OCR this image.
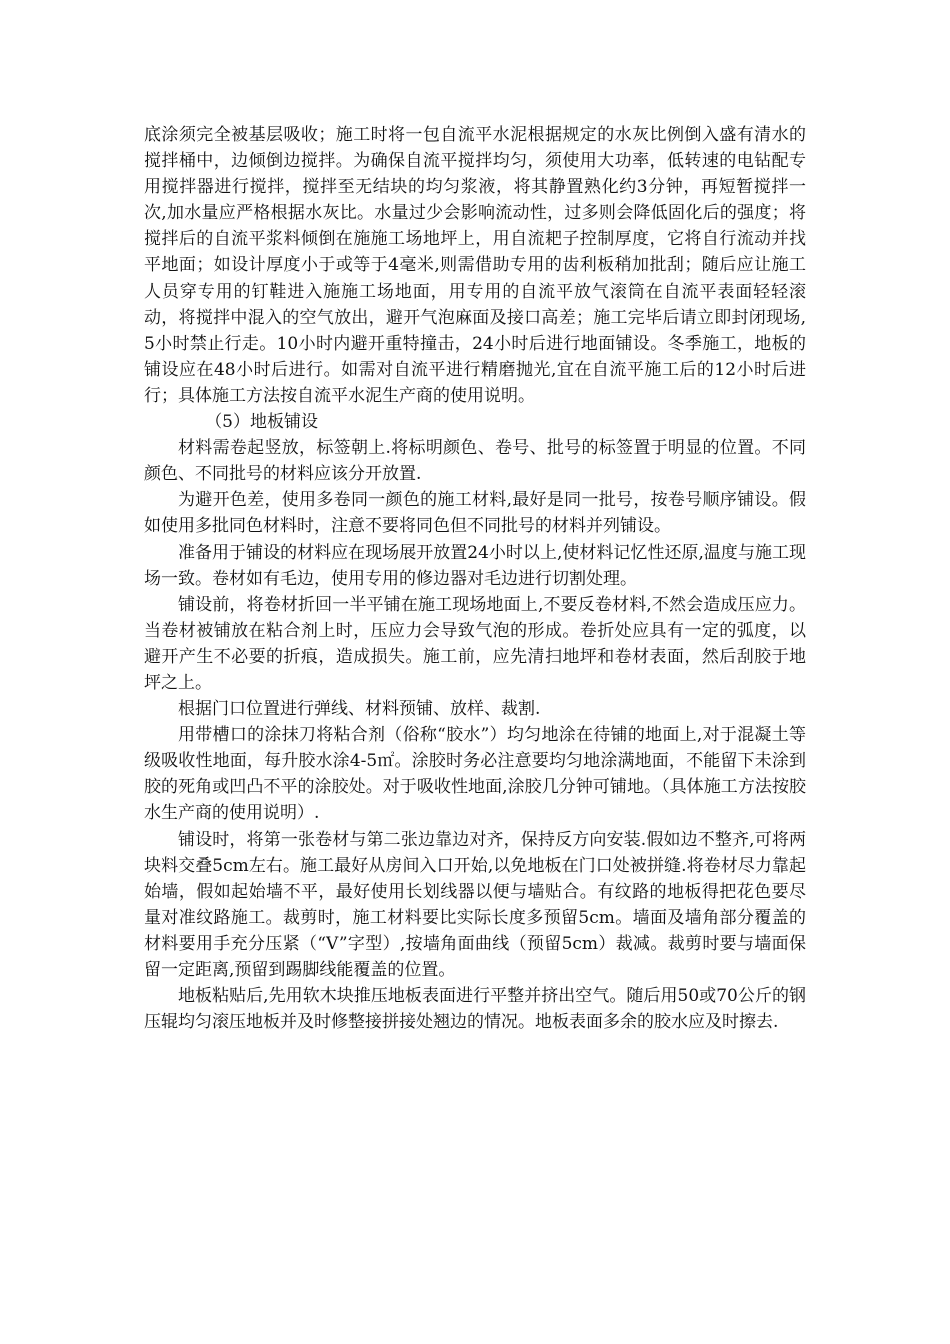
底涂须完全被基层吸收；施工时将一包自流平水泥根据规定的水灰比例倒入盛有清水的搅拌桶中，边倾倒边搅拌。为确保自流平搅拌均匀，须使用大功率，低转速的电钻配专用搅拌器进行搅拌，搅拌至无结块的均匀浆液，将其静置熟化约3分钟，再短暂搅拌一次,加水量应严格根据水灰比。水量过少会影响流动性，过多则会降低固化后的强度；将搅拌后的自流平浆料倾倒在施施工场地坪上，用自流耙子控制厚度，它将自行流动并找平地面；如设计厚度小于或等于4毫米,则需借助专用的齿利板稍加批刮；随后应让施工人员穿专用的钉鞋进入施施工场地面，用专用的自流平放气滚筒在自流平表面轻轻滚动，将搅拌中混入的空气放出，避开气泡麻面及接口高差；施工完毕后请立即封闭现场,5小时禁止行走。10小时内避开重特撞击，24小时后进行地面铺设。冬季施工，地板的铺设应在48小时后进行。如需对自流平进行精磨抛光,宜在自流平施工后的12小时后进行；具体施工方法按自流平水泥生产商的使用说明。

（5）地板铺设

材料需卷起竖放，标签朝上.将标明颜色、卷号、批号的标签置于明显的位置。不同颜色、不同批号的材料应该分开放置.

为避开色差，使用多卷同一颜色的施工材料,最好是同一批号，按卷号顺序铺设。假如使用多批同色材料时，注意不要将同色但不同批号的材料并列铺设。

准备用于铺设的材料应在现场展开放置24小时以上,使材料记忆性还原,温度与施工现场一致。卷材如有毛边，使用专用的修边器对毛边进行切割处理。

铺设前，将卷材折回一半平铺在施工现场地面上,不要反卷材料,不然会造成压应力。当卷材被铺放在粘合剂上时，压应力会导致气泡的形成。卷折处应具有一定的弧度，以避开产生不必要的折痕，造成损失。施工前，应先清扫地坪和卷材表面，然后刮胶于地坪之上。

根据门口位置进行弹线、材料预铺、放样、裁割.

用带槽口的涂抹刀将粘合剂（俗称“胶水”）均匀地涂在待铺的地面上,对于混凝土等级吸收性地面，每升胶水涂4-5㎡。涂胶时务必注意要均匀地涂满地面，不能留下未涂到胶的死角或凹凸不平的涂胶处。对于吸收性地面,涂胶几分钟可铺地。（具体施工方法按胶水生产商的使用说明）.

铺设时，将第一张卷材与第二张边靠边对齐，保持反方向安装.假如边不整齐,可将两块料交叠5cm左右。施工最好从房间入口开始,以免地板在门口处被拼缝.将卷材尽力靠起始墙，假如起始墙不平，最好使用长划线器以便与墙贴合。有纹路的地板得把花色要尽量对准纹路施工。裁剪时，施工材料要比实际长度多预留5cm。墙面及墙角部分覆盖的材料要用手充分压紧（“V”字型）,按墙角面曲线（预留5cm）裁减。裁剪时要与墙面保留一定距离,预留到踢脚线能覆盖的位置。

地板粘贴后,先用软木块推压地板表面进行平整并挤出空气。随后用50或70公斤的钢压辊均匀滚压地板并及时修整接拼接处翘边的情况。地板表面多余的胶水应及时擦去.
